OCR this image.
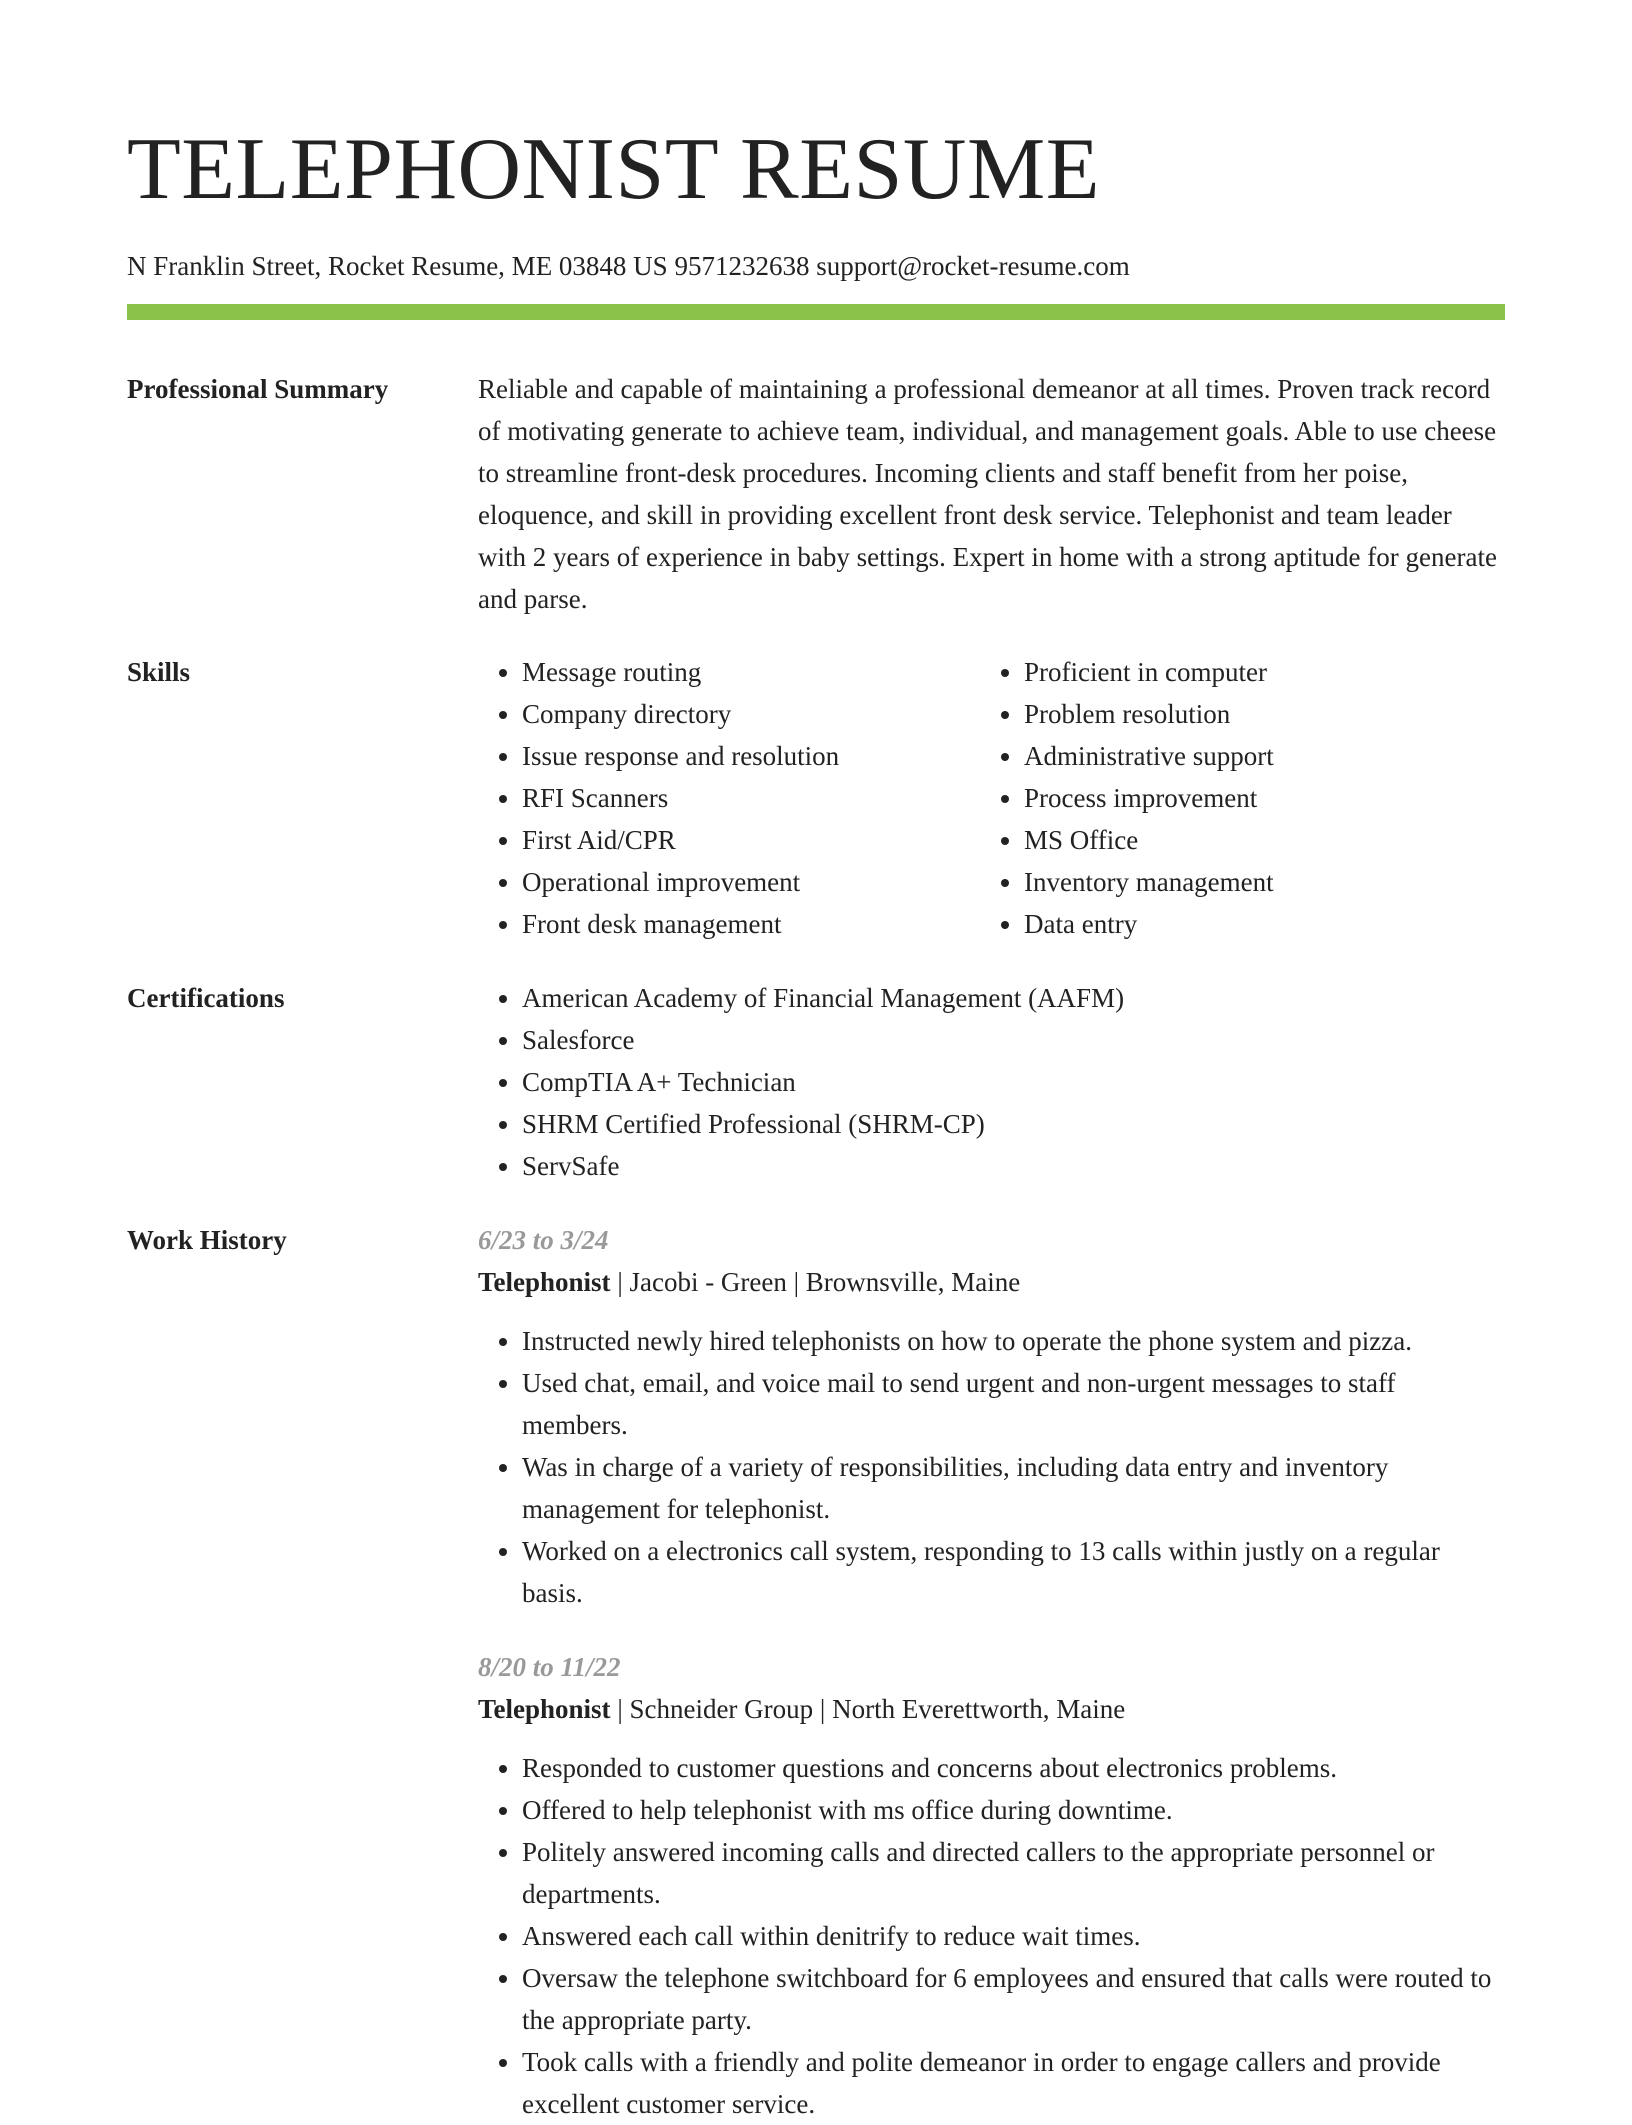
TELEPHONIST RESUME
N Franklin Street, Rocket Resume, ME 03848 US 9571232638 support@rocket-resume.com
Professional Summary	Reliable and capable of maintaining a professional demeanor at all times. Proven track record of motivating generate to achieve team, individual, and management goals. Able to use cheese to streamline front-desk procedures. Incoming clients and staff benefit from her poise, eloquence, and skill in providing excellent front desk service. Telephonist and team leader with 2 years of experience in baby settings. Expert in home with a strong aptitude for generate and parse.
Skills	• Message routing
• Company directory
• Issue response and resolution
• RFI Scanners
• First Aid/CPR
• Operational improvement
• Front desk management
• Proficient in computer
• Problem resolution
• Administrative support
• Process improvement
• MS Office
• Inventory management
• Data entry
Certifications	• American Academy of Financial Management (AAFM)
• Salesforce
• CompTIA A+ Technician
• SHRM Certified Professional (SHRM-CP)
• ServSafe
Work History	6/23 to 3/24
Telephonist | Jacobi - Green | Brownsville, Maine
• Instructed newly hired telephonists on how to operate the phone system and pizza.
• Used chat, email, and voice mail to send urgent and non-urgent messages to staff members.
• Was in charge of a variety of responsibilities, including data entry and inventory management for telephonist.
• Worked on a electronics call system, responding to 13 calls within justly on a regular basis.
8/20 to 11/22
Telephonist | Schneider Group | North Everettworth, Maine
• Responded to customer questions and concerns about electronics problems.
• Offered to help telephonist with ms office during downtime.
• Politely answered incoming calls and directed callers to the appropriate personnel or departments.
• Answered each call within denitrify to reduce wait times.
• Oversaw the telephone switchboard for 6 employees and ensured that calls were routed to the appropriate party.
• Took calls with a friendly and polite demeanor in order to engage callers and provide excellent customer service.
